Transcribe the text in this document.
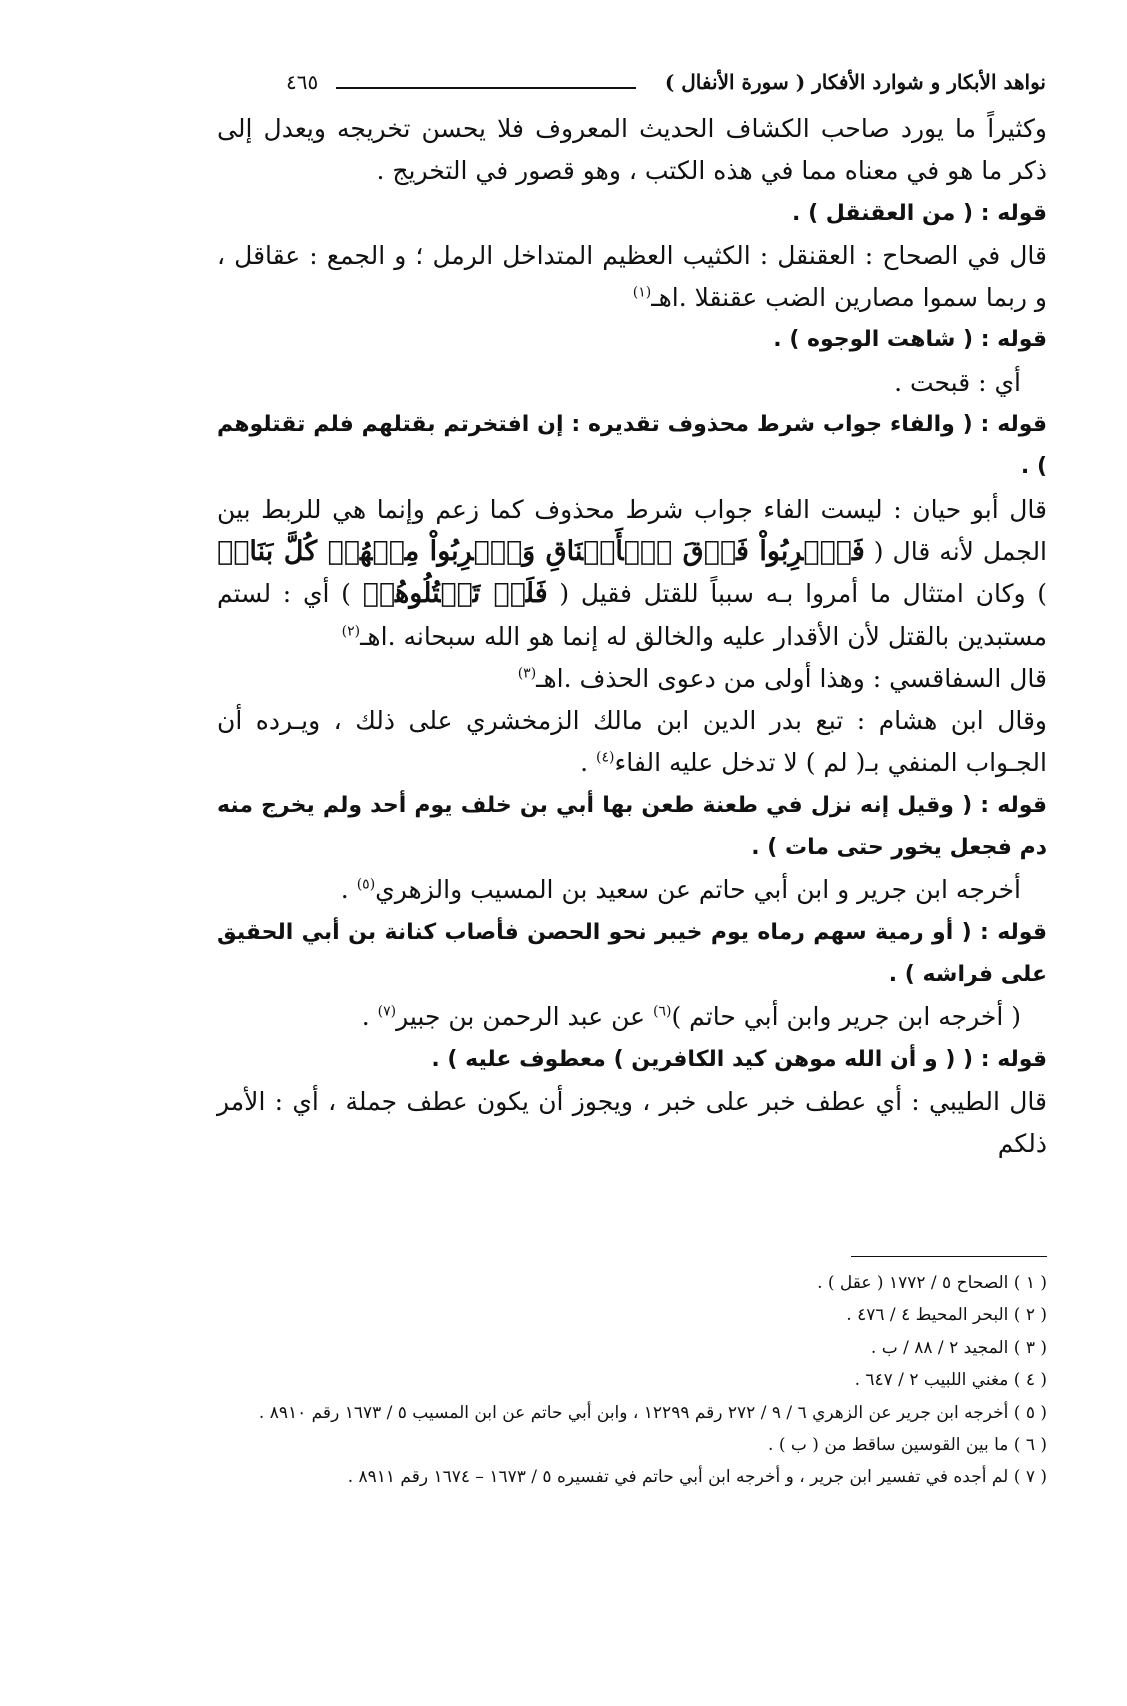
نواهد الأبكار و شوارد الأفكار ( سورة الأنفال )
٤٦٥

وكثيراً ما يورد صاحب الكشاف الحديث المعروف فلا يحسن تخريجه ويعدل إلى ذكر ما هو في معناه مما في هذه الكتب ، وهو قصور في التخريج .

قوله : ( من العقنقل ) .

قال في الصحاح : العقنقل : الكثيب العظيم المتداخل الرمل ؛ و الجمع : عقاقل ، و ربما سموا مصارين الضب عقنقلا .اهـ$^{(١)}$

قوله : ( شاهت الوجوه ) .

أي : قبحت .

قوله : ( والفاء جواب شرط محذوف تقديره : إن افتخرتم بقتلهم فلم تقتلوهم ) .

قال أبو حيان : ليست الفاء جواب شرط محذوف كما زعم وإنما هي للربط بين الجمل لأنه قال ( فَٱضۡرِبُواْ فَوۡقَ ٱلۡأَعۡنَاقِ وَٱضۡرِبُواْ مِنۡهُمۡ كُلَّ بَنَانٖ ) وكان امتثال ما أمروا بـه سبباً للقتل فقيل ( فَلَمۡ تَقۡتُلُوهُمۡ ) أي : لستم مستبدين بالقتل لأن الأقدار عليه والخالق له إنما هو الله سبحانه .اهـ$^{(٢)}$

قال السفاقسي : وهذا أولى من دعوى الحذف .اهـ$^{(٣)}$

وقال ابن هشام : تبع بدر الدين ابن مالك الزمخشري على ذلك ، ويـرده أن الجـواب المنفي بـ( لم ) لا تدخل عليه الفاء$^{(٤)}$ .

قوله : ( وقيل إنه نزل في طعنة طعن بها أبي بن خلف يوم أحد ولم يخرج منه دم فجعل يخور حتى مات ) .

أخرجه ابن جرير و ابن أبي حاتم عن سعيد بن المسيب والزهري$^{(٥)}$ .

قوله : ( أو رمية سهم رماه يوم خيبر نحو الحصن فأصاب كنانة بن أبي الحقيق على فراشه ) .

( أخرجه ابن جرير وابن أبي حاتم )$^{(٦)}$ عن عبد الرحمن بن جبير$^{(٧)}$ .

قوله : ( ( و أن الله موهن كيد الكافرين ) معطوف عليه ) .

قال الطيبي : أي عطف خبر على خبر ، ويجوز أن يكون عطف جملة ، أي : الأمر ذلكم

( ١ ) الصحاح ٥ / ١٧٧٢ ( عقل ) .

( ٢ ) البحر المحيط ٤ / ٤٧٦ .

( ٣ ) المجيد ٢ / ٨٨ / ب .

( ٤ ) مغني اللبيب ٢ / ٦٤٧ .

( ٥ ) أخرجه ابن جرير عن الزهري ٦ / ٩ / ٢٧٢ رقم ١٢٢٩٩ ، وابن أبي حاتم عن ابن المسيب ٥ / ١٦٧٣ رقم ٨٩١٠ .

( ٦ ) ما بين القوسين ساقط من ( ب ) .

( ٧ ) لم أجده في تفسير ابن جرير ، و أخرجه ابن أبي حاتم في تفسيره ٥ / ١٦٧٣ – ١٦٧٤ رقم ٨٩١١ .
